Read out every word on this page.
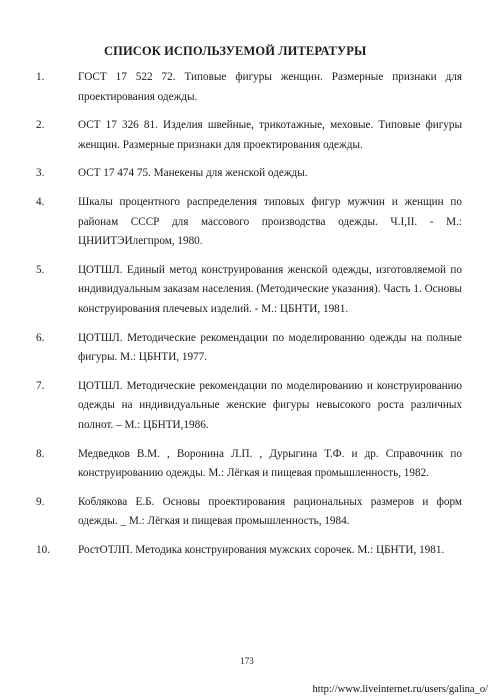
СПИСОК ИСПОЛЬЗУЕМОЙ ЛИТЕРАТУРЫ
1.	ГОСТ 17 522 72. Типовые фигуры женщин. Размерные признаки для проектирования одежды.
2.	ОСТ 17 326 81. Изделия швейные, трикотажные, меховые. Типовые фигуры женщин. Размерные признаки для проектирования одежды.
3.	ОСТ 17 474 75. Манекены для женской одежды.
4.	Шкалы процентного распределения типовых фигур мужчин и женщин по районам СССР для массового производства одежды. Ч.I,II. - М.: ЦНИИТЭИлегпром, 1980.
5.	ЦОТШЛ. Единый метод конструирования женской одежды, изготовляемой по индивидуальным заказам населения. (Методические указания). Часть 1. Основы конструирования плечевых изделий. - М.: ЦБНТИ, 1981.
6.	ЦОТШЛ. Методические рекомендации по моделированию одежды на полные фигуры. М.: ЦБНТИ, 1977.
7.	ЦОТШЛ. Методические рекомендации по моделированию и конструированию одежды на индивидуальные женские фигуры невысокого роста различных полнот. – М.: ЦБНТИ,1986.
8.	Медведков В.М. , Воронина Л.П. , Дурыгина Т.Ф. и др. Справочник по конструированию одежды. М.: Лёгкая и пищевая промышленность, 1982.
9.	Коблякова Е.Б. Основы проектирования рациональных размеров и форм одежды. _ М.: Лёгкая и пищевая промышленность, 1984.
10.	РостОТЛП. Методика конструирования мужских сорочек. М.: ЦБНТИ, 1981.
173
http://www.liveinternet.ru/users/galina_o/
